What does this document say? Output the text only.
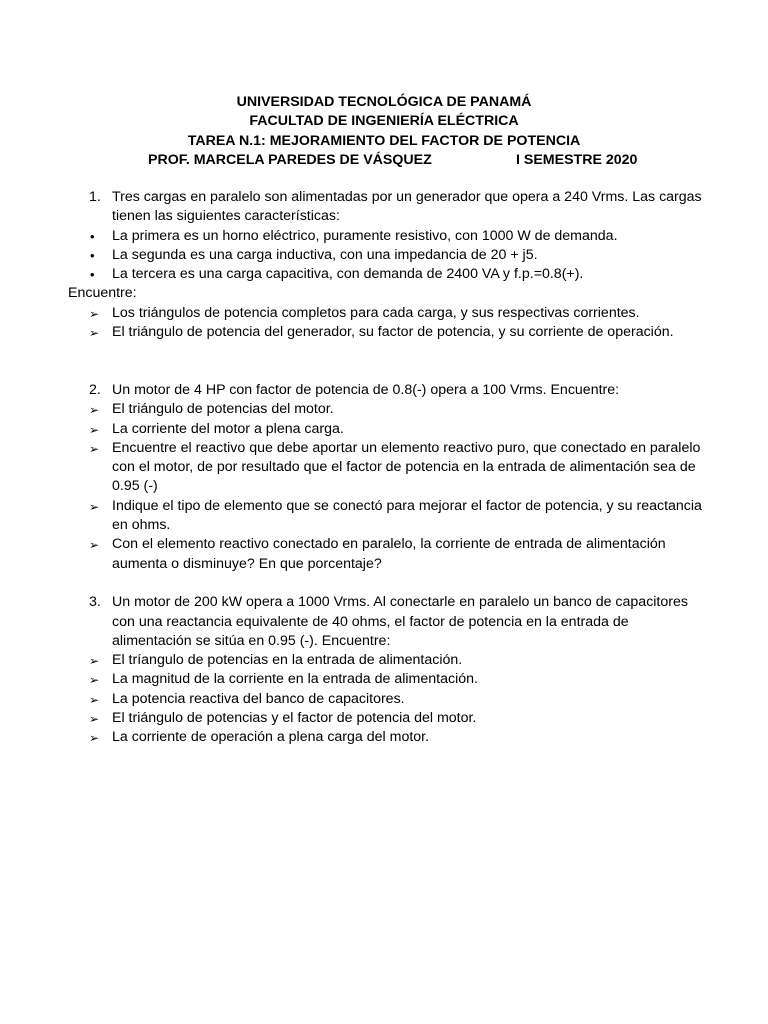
UNIVERSIDAD TECNOLÓGICA DE PANAMÁ
FACULTAD DE INGENIERÍA ELÉCTRICA
TAREA N.1: MEJORAMIENTO DEL FACTOR DE POTENCIA
PROF. MARCELA PAREDES DE VÁSQUEZ	I SEMESTRE 2020
1. Tres cargas en paralelo son alimentadas por un generador que opera a 240 Vrms. Las cargas tienen las siguientes características:
• La primera es un horno eléctrico, puramente resistivo, con 1000 W de demanda.
• La segunda es una carga inductiva, con una impedancia de 20 + j5.
• La tercera es una carga capacitiva, con demanda de 2400 VA y f.p.=0.8(+).
Encuentre:
➢ Los triángulos de potencia completos para cada carga, y sus respectivas corrientes.
➢ El triángulo de potencia del generador, su factor de potencia, y su corriente de operación.
2. Un motor de 4 HP con factor de potencia de 0.8(-) opera a 100 Vrms. Encuentre:
➢ El triángulo de potencias del motor.
➢ La corriente del motor a plena carga.
➢ Encuentre el reactivo que debe aportar un elemento reactivo puro, que conectado en paralelo con el motor, de por resultado que el factor de potencia en la entrada de alimentación sea de 0.95 (-)
➢ Indique el tipo de elemento que se conectó para mejorar el factor de potencia, y su reactancia en ohms.
➢ Con el elemento reactivo conectado en paralelo, la corriente de entrada de alimentación aumenta o disminuye? En que porcentaje?
3. Un motor de 200 kW opera a 1000 Vrms. Al conectarle en paralelo un banco de capacitores con una reactancia equivalente de 40 ohms, el factor de potencia en la entrada de alimentación se sitúa en 0.95 (-). Encuentre:
➢ El tríangulo de potencias en la entrada de alimentación.
➢ La magnitud de la corriente en la entrada de alimentación.
➢ La potencia reactiva del banco de capacitores.
➢ El triángulo de potencias y el factor de potencia del motor.
➢ La corriente de operación a plena carga del motor.
